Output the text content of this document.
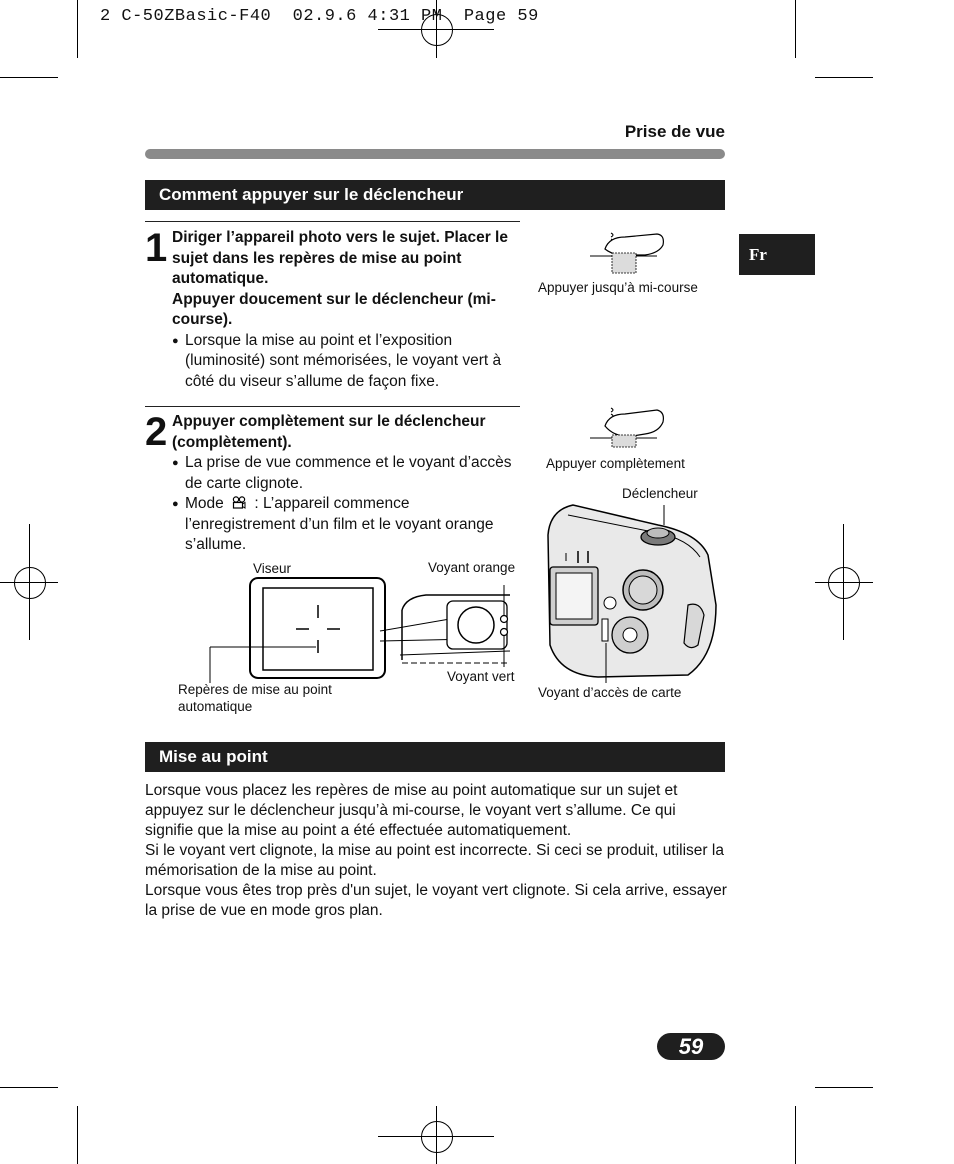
2 C-50ZBasic-F40  02.9.6 4:31 PM  Page 59
Prise de vue
Comment appuyer sur le déclencheur
Fr
1 Diriger l’appareil photo vers le sujet. Placer le sujet dans les repères de mise au point automatique.

Appuyer doucement sur le déclencheur (mi-course).

● Lorsque la mise au point et l’exposition (luminosité) sont mémorisées, le voyant vert à côté du viseur s’allume de façon fixe.

Appuyer jusqu’à mi-course
2 Appuyer complètement sur le déclencheur (complètement).

● La prise de vue commence et le voyant d’accès de carte clignote.

● Mode : L’appareil commence l’enregistrement d’un film et le voyant orange s’allume.

Appuyer complètement
Viseur	Voyant orange
Voyant vert
Repères de mise au point automatique
Déclencheur
Voyant d’accès de carte
Mise au point

Lorsque vous placez les repères de mise au point automatique sur un sujet et appuyez sur le déclencheur jusqu’à mi-course, le voyant vert s’allume. Ce qui signifie que la mise au point a été effectuée automatiquement.

Si le voyant vert clignote, la mise au point est incorrecte. Si ceci se produit, utiliser la mémorisation de la mise au point.

Lorsque vous êtes trop près d'un sujet, le voyant vert clignote. Si cela arrive, essayer la prise de vue en mode gros plan.

59
